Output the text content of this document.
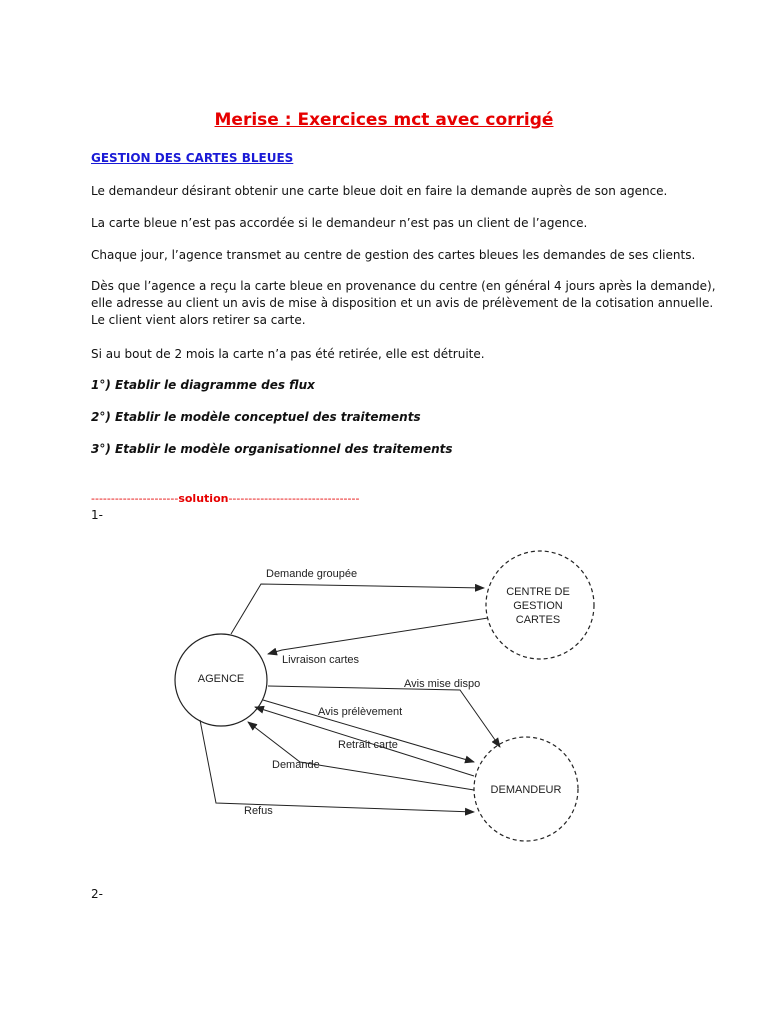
Merise : Exercices mct avec corrigé
GESTION DES CARTES BLEUES
Le demandeur désirant obtenir une carte bleue doit en faire la demande auprès de son agence.
La carte bleue n’est pas accordée si le demandeur n’est pas un client de l’agence.
Chaque jour, l’agence transmet au centre de gestion des cartes bleues les demandes de ses clients.
Dès que l’agence a reçu la carte bleue en provenance du centre (en général 4 jours après la demande),
elle adresse au client un avis de mise à disposition et un avis de prélèvement de la cotisation annuelle.
Le client vient alors retirer sa carte.
Si au bout de 2 mois la carte n’a pas été retirée, elle est détruite.
1°) Etablir le diagramme des flux
2°) Etablir le modèle conceptuel des traitements
3°) Etablir le modèle organisationnel des traitements
----------------------solution---------------------------------
1-
AGENCE
CENTRE DE
GESTION
CARTES
DEMANDEUR
Demande groupée
Livraison cartes
Avis mise dispo
Avis prélèvement
Retrait carte
Demande
Refus
2-
